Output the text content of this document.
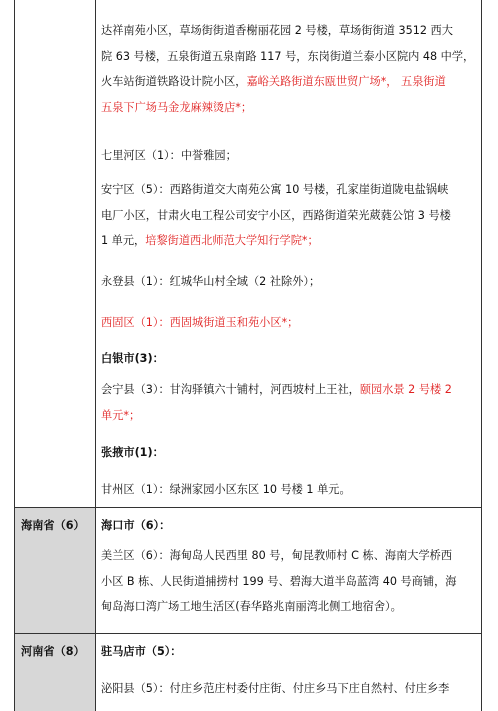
达祥南苑小区，草场街街道香榭丽花园 2 号楼，草场街街道 3512 西大
院 63 号楼，五泉街道五泉南路 117 号，东岗街道兰泰小区院内 48 中学，
火车站街道铁路设计院小区，嘉峪关路街道东瓯世贸广场*， 五泉街道
五泉下广场马金龙麻辣烫店*；
七里河区（1）：中誉雅园；
安宁区（5）：西路街道交大南苑公寓 10 号楼，孔家崖街道陇电盐锅峡
电厂小区，甘肃火电工程公司安宁小区，西路街道荣光葳蕤公馆 3 号楼
1 单元，培黎街道西北师范大学知行学院*；
永登县（1）：红城华山村全域（2 社除外）；
西固区（1）：西固城街道玉和苑小区*；
白银市(3)：
会宁县（3）：甘沟驿镇六十铺村，河西坡村上王社，颐园水景 2 号楼 2
单元*；
张掖市(1)：
甘州区（1）：绿洲家园小区东区 10 号楼 1 单元。
海南省（6） 海口市（6）：
美兰区（6）：海甸岛人民西里 80 号，甸昆教师村 C 栋、海南大学桥西
小区 B 栋、人民街道捕捞村 199 号、碧海大道半岛蓝湾 40 号商铺，海
甸岛海口湾广场工地生活区(春华路兆南丽湾北侧工地宿舍）。
河南省（8） 驻马店市（5）：
泌阳县（5）：付庄乡范庄村委付庄街、付庄乡马下庄自然村、付庄乡李
